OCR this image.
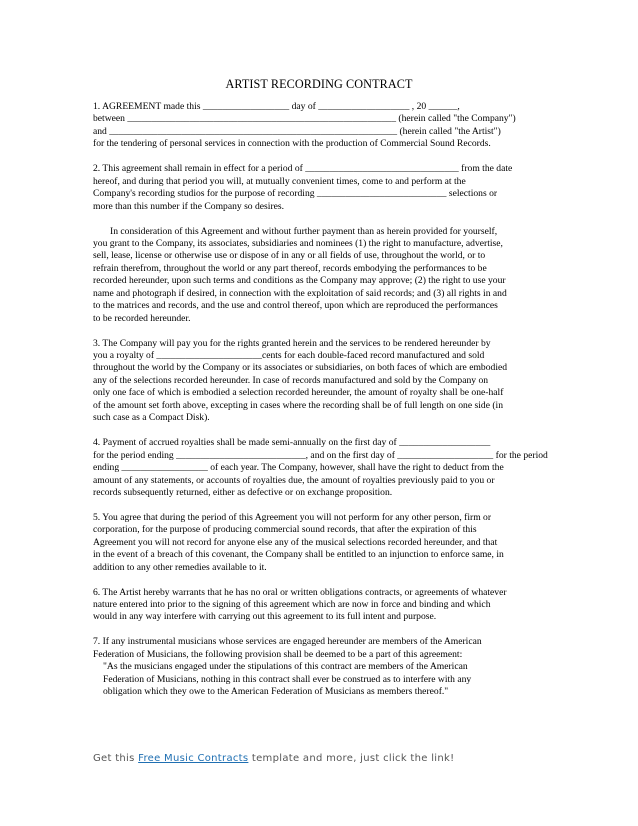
ARTIST RECORDING CONTRACT

1. AGREEMENT made this __________________ day of ___________________ , 20 ______,
between ________________________________________________________ (herein called "the Company")
and ____________________________________________________________ (herein called "the Artist")
for the tendering of personal services in connection with the production of Commercial Sound Records.

2. This agreement shall remain in effect for a period of ________________________________ from the date
hereof, and during that period you will, at mutually convenient times, come to and perform at the
Company's recording studios for the purpose of recording ___________________________ selections or
more than this number if the Company so desires.

In consideration of this Agreement and without further payment than as herein provided for yourself,
you grant to the Company, its associates, subsidiaries and nominees (1) the right to manufacture, advertise,
sell, lease, license or otherwise use or dispose of in any or all fields of use, throughout the world, or to
refrain therefrom, throughout the world or any part thereof, records embodying the performances to be
recorded hereunder, upon such terms and conditions as the Company may approve; (2) the right to use your
name and photograph if desired, in connection with the exploitation of said records; and (3) all rights in and
to the matrices and records, and the use and control thereof, upon which are reproduced the performances
to be recorded hereunder.

3. The Company will pay you for the rights granted herein and the services to be rendered hereunder by
you a royalty of ______________________cents for each double-faced record manufactured and sold
throughout the world by the Company or its associates or subsidiaries, on both faces of which are embodied
any of the selections recorded hereunder. In case of records manufactured and sold by the Company on
only one face of which is embodied a selection recorded hereunder, the amount of royalty shall be one-half
of the amount set forth above, excepting in cases where the recording shall be of full length on one side (in
such case as a Compact Disk).

4. Payment of accrued royalties shall be made semi-annually on the first day of ___________________
for the period ending ___________________________, and on the first day of ____________________ for the period
ending __________________ of each year. The Company, however, shall have the right to deduct from the
amount of any statements, or accounts of royalties due, the amount of royalties previously paid to you or
records subsequently returned, either as defective or on exchange proposition.

5. You agree that during the period of this Agreement you will not perform for any other person, firm or
corporation, for the purpose of producing commercial sound records, that after the expiration of this
Agreement you will not record for anyone else any of the musical selections recorded hereunder, and that
in the event of a breach of this covenant, the Company shall be entitled to an injunction to enforce same, in
addition to any other remedies available to it.

6. The Artist hereby warrants that he has no oral or written obligations contracts, or agreements of whatever
nature entered into prior to the signing of this agreement which are now in force and binding and which
would in any way interfere with carrying out this agreement to its full intent and purpose.

7. If any instrumental musicians whose services are engaged hereunder are members of the American
Federation of Musicians, the following provision shall be deemed to be a part of this agreement:
"As the musicians engaged under the stipulations of this contract are members of the American
Federation of Musicians, nothing in this contract shall ever be construed as to interfere with any
obligation which they owe to the American Federation of Musicians as members thereof."

Get this Free Music Contracts template and more, just click the link!
